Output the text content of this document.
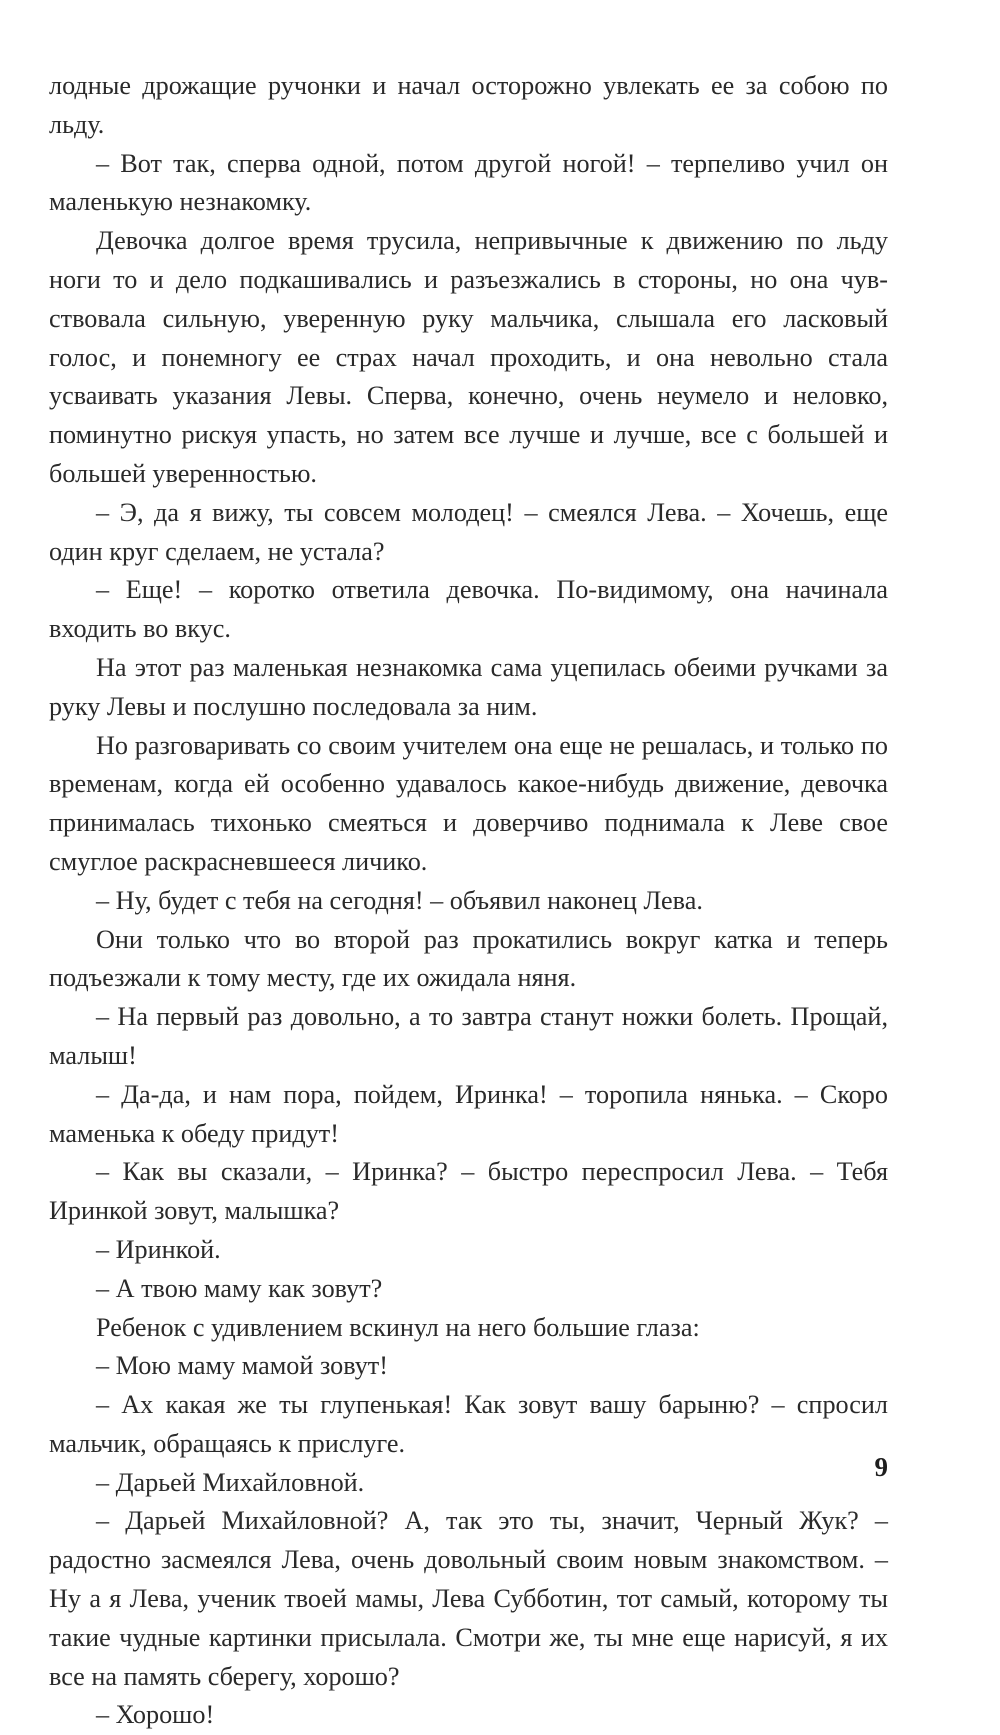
лодные дрожащие ручонки и начал осторожно увлекать ее за собою по льду.

– Вот так, сперва одной, потом другой ногой! – терпеливо учил он маленькую незнакомку.

Девочка долгое время трусила, непривычные к движению по льду ноги то и дело подкашивались и разъезжались в стороны, но она чувствовала сильную, уверенную руку мальчика, слышала его ласковый голос, и понемногу ее страх начал проходить, и она невольно стала усваивать указания Левы. Сперва, конечно, очень неумело и неловко, поминутно рискуя упасть, но затем все лучше и лучше, все с большей и большей уверенностью.

– Э, да я вижу, ты совсем молодец! – смеялся Лева. – Хочешь, еще один круг сделаем, не устала?

– Еще! – коротко ответила девочка. По-видимому, она начинала входить во вкус.

На этот раз маленькая незнакомка сама уцепилась обеими ручками за руку Левы и послушно последовала за ним.

Но разговаривать со своим учителем она еще не решалась, и только по временам, когда ей особенно удавалось какое-нибудь движение, девочка принималась тихонько смеяться и доверчиво поднимала к Леве свое смуглое раскрасневшееся личико.

– Ну, будет с тебя на сегодня! – объявил наконец Лева.

Они только что во второй раз прокатились вокруг катка и теперь подъезжали к тому месту, где их ожидала няня.

– На первый раз довольно, а то завтра станут ножки болеть. Прощай, малыш!

– Да-да, и нам пора, пойдем, Иринка! – торопила нянька. – Скоро маменька к обеду придут!

– Как вы сказали, – Иринка? – быстро переспросил Лева. – Тебя Иринкой зовут, малышка?

– Иринкой.

– А твою маму как зовут?

Ребенок с удивлением вскинул на него большие глаза:

– Мою маму мамой зовут!

– Ах какая же ты глупенькая! Как зовут вашу барыню? – спросил мальчик, обращаясь к прислуге.

– Дарьей Михайловной.

– Дарьей Михайловной? А, так это ты, значит, Черный Жук? – радостно засмеялся Лева, очень довольный своим новым знакомством. – Ну а я Лева, ученик твоей мамы, Лева Субботин, тот самый, которому ты такие чудные картинки присылала. Смотри же, ты мне еще нарисуй, я их все на память сберегу, хорошо?

– Хорошо!

9
